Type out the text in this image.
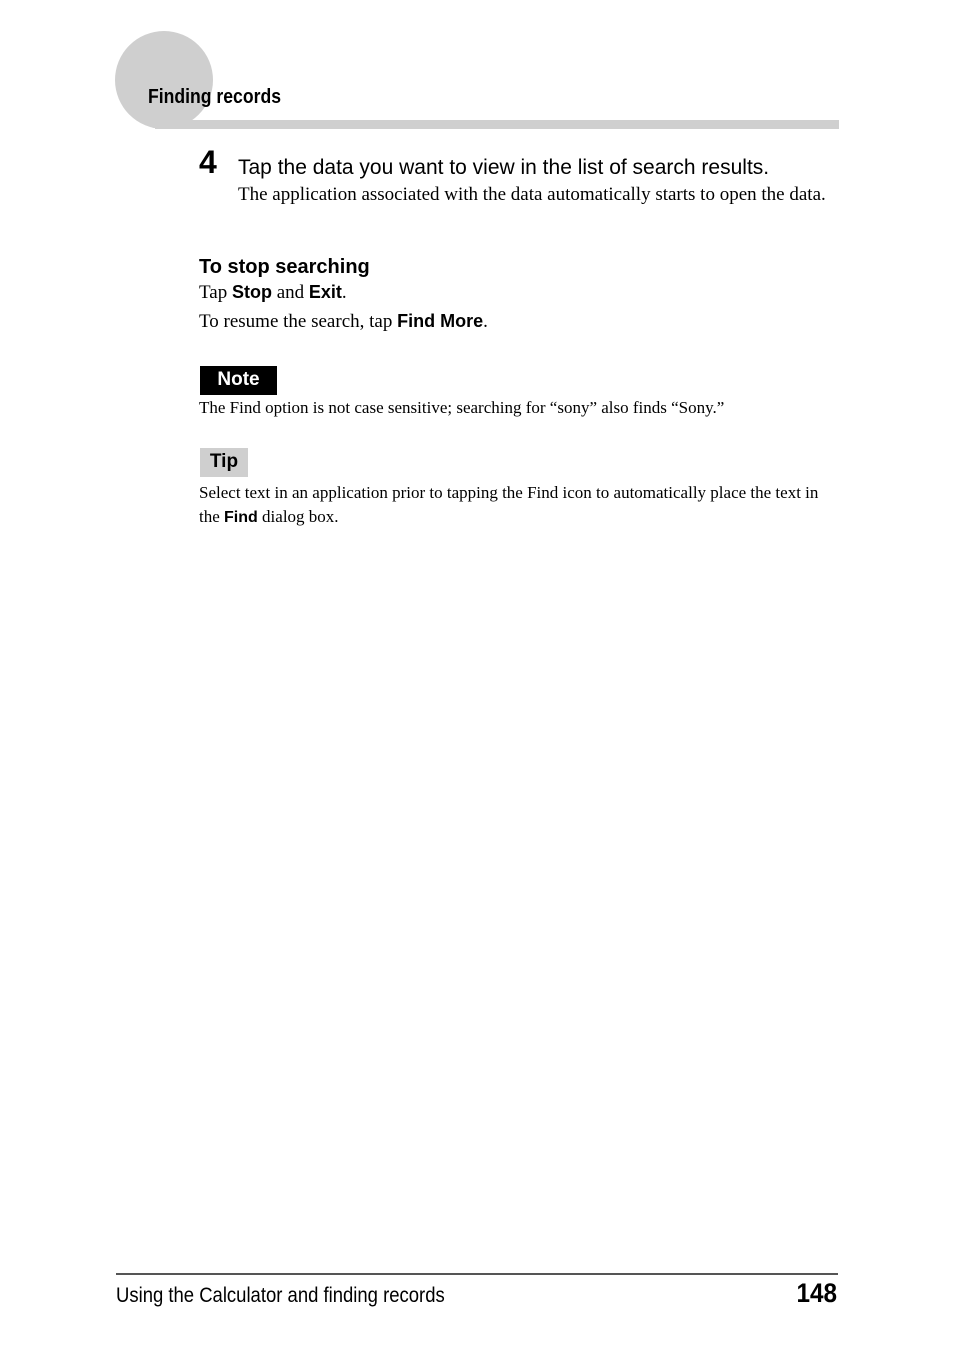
Finding records
4 Tap the data you want to view in the list of search results.
The application associated with the data automatically starts to open the data.
To stop searching
Tap Stop and Exit.
To resume the search, tap Find More.
Note
The Find option is not case sensitive; searching for “sony” also finds “Sony.”
Tip
Select text in an application prior to tapping the Find icon to automatically place the text in the Find dialog box.
Using the Calculator and finding records	148
